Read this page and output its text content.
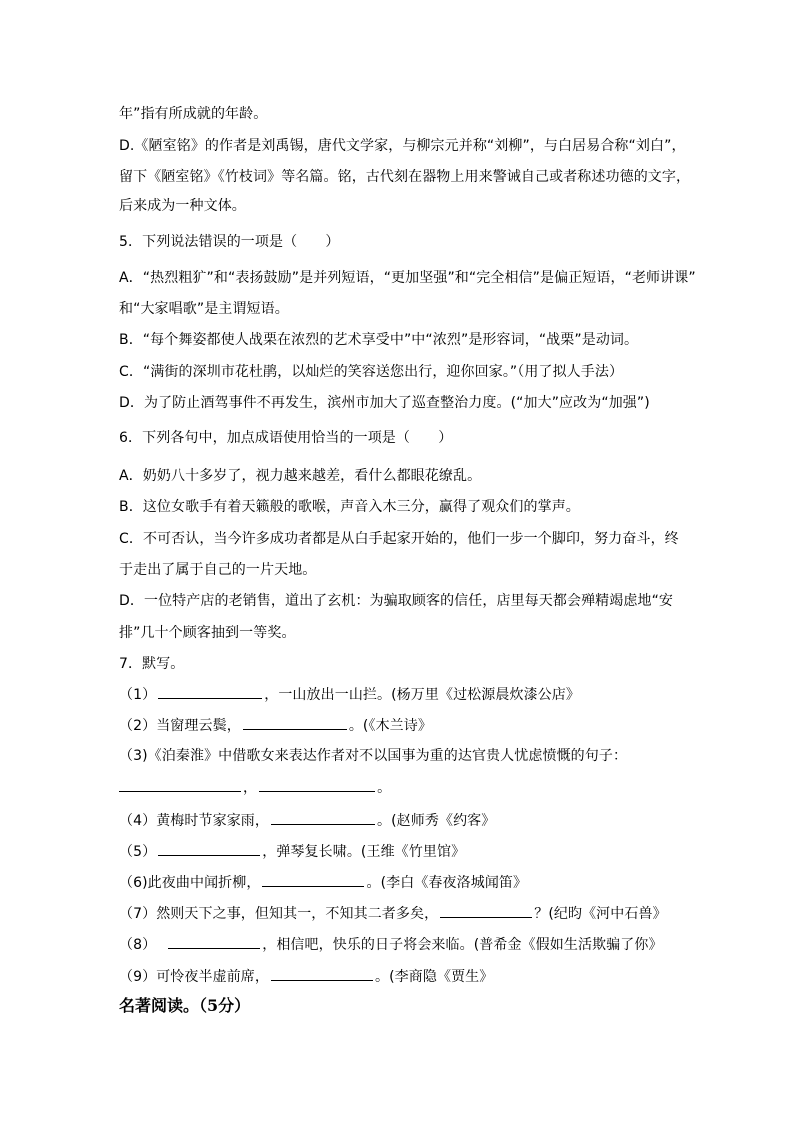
年”指有所成就的年龄。
D.《陋室铭》的作者是刘禹锡，唐代文学家，与柳宗元并称“刘柳”，与白居易合称“刘白”，
留下《陋室铭》《竹枝词》等名篇。铭，古代刻在器物上用来警诫自己或者称述功德的文字，
后来成为一种文体。
5．下列说法错误的一项是（　　）
A．“热烈粗犷”和“表扬鼓励”是并列短语，“更加坚强”和“完全相信”是偏正短语，“老师讲课”
和“大家唱歌”是主谓短语。
B．“每个舞姿都使人战栗在浓烈的艺术享受中”中“浓烈”是形容词，“战栗”是动词。
C．“满街的深圳市花杜鹃，以灿烂的笑容送您出行，迎你回家。”（用了拟人手法）
D．为了防止酒驾事件不再发生，滨州市加大了巡查整治力度。(“加大”应改为“加强”)
6．下列各句中，加点成语使用恰当的一项是（　　）
A．奶奶八十多岁了，视力越来越差，看什么都眼花缭乱。
B．这位女歌手有着天籁般的歌喉，声音入木三分，赢得了观众们的掌声。
C．不可否认，当今许多成功者都是从白手起家开始的，他们一步一个脚印，努力奋斗，终
于走出了属于自己的一片天地。
D．一位特产店的老销售，道出了玄机：为骗取顾客的信任，店里每天都会殚精竭虑地“安
排”几十个顾客抽到一等奖。
7．默写。
（1）	，一山放出一山拦。(杨万里《过松源晨炊漆公店》
（2）当窗理云鬓，	。(《木兰诗》
（3)《泊秦淮》中借歌女来表达作者对不以国事为重的达官贵人忧虑愤慨的句子：
，	。
（4）黄梅时节家家雨，	。(赵师秀《约客》
（5）	，弹琴复长啸。(王维《竹里馆》
（6)此夜曲中闻折柳，	。(李白《春夜洛城闻笛》
（7）然则天下之事，但知其一，不知其二者多矣，	？(纪昀《河中石兽》
（8）	，相信吧，快乐的日子将会来临。(普希金《假如生活欺骗了你》
（9）可怜夜半虚前席，	。(李商隐《贾生》
名著阅读。（5分）
